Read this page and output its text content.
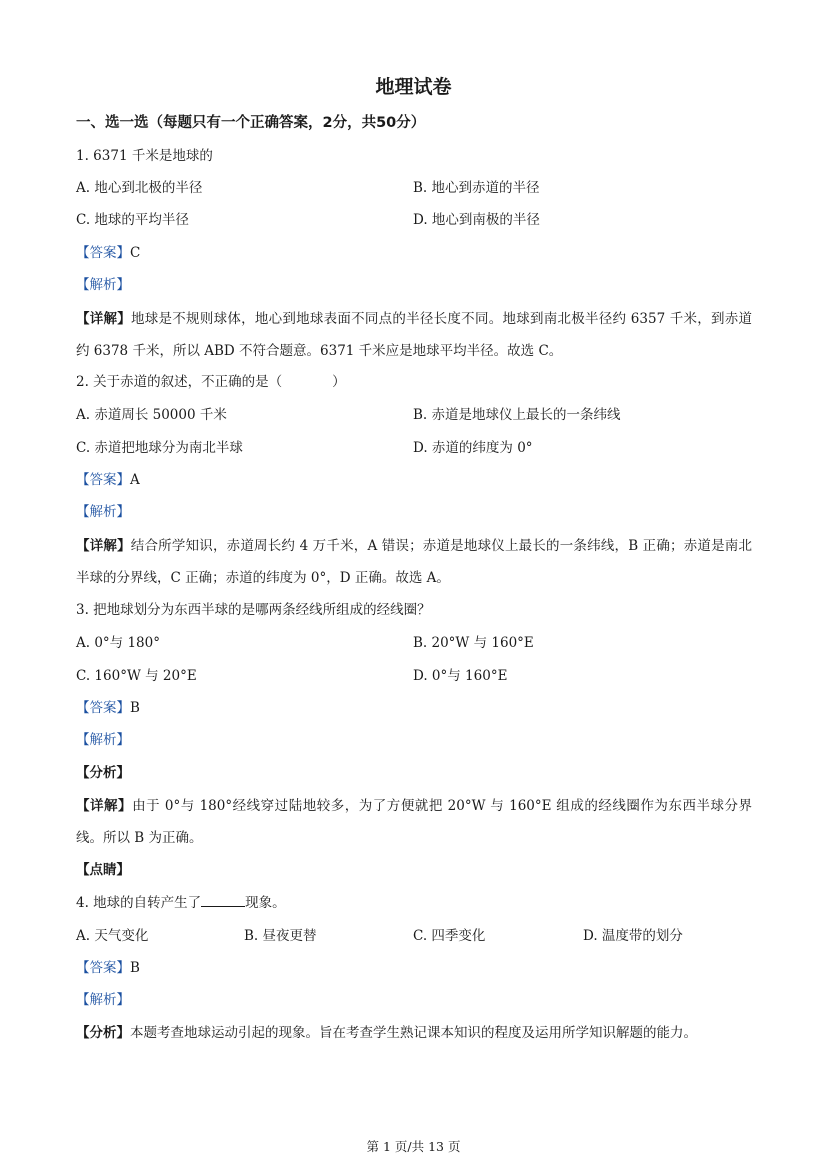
地理试卷
一、选一选（每题只有一个正确答案，2分，共50分）
1. 6371 千米是地球的
A. 地心到北极的半径	B. 地心到赤道的半径
C. 地球的平均半径	D. 地心到南极的半径
【答案】C
【解析】
【详解】地球是不规则球体，地心到地球表面不同点的半径长度不同。地球到南北极半径约 6357 千米，到赤道约 6378 千米，所以 ABD 不符合题意。6371 千米应是地球平均半径。故选 C。
2. 关于赤道的叙述，不正确的是（	）
A. 赤道周长 50000 千米	B. 赤道是地球仪上最长的一条纬线
C. 赤道把地球分为南北半球	D. 赤道的纬度为 0°
【答案】A
【解析】
【详解】结合所学知识，赤道周长约 4 万千米，A 错误；赤道是地球仪上最长的一条纬线，B 正确；赤道是南北半球的分界线，C 正确；赤道的纬度为 0°，D 正确。故选 A。
3. 把地球划分为东西半球的是哪两条经线所组成的经线圈？
A. 0°与 180°	B. 20°W 与 160°E
C. 160°W 与 20°E	D. 0°与 160°E
【答案】B
【解析】
【分析】
【详解】由于 0°与 180°经线穿过陆地较多，为了方便就把 20°W 与 160°E 组成的经线圈作为东西半球分界线。所以 B 为正确。
【点睛】
4. 地球的自转产生了	现象。
A. 天气变化	B. 昼夜更替	C. 四季变化	D. 温度带的划分
【答案】B
【解析】
【分析】本题考查地球运动引起的现象。旨在考查学生熟记课本知识的程度及运用所学知识解题的能力。
第 1 页/共 13 页
